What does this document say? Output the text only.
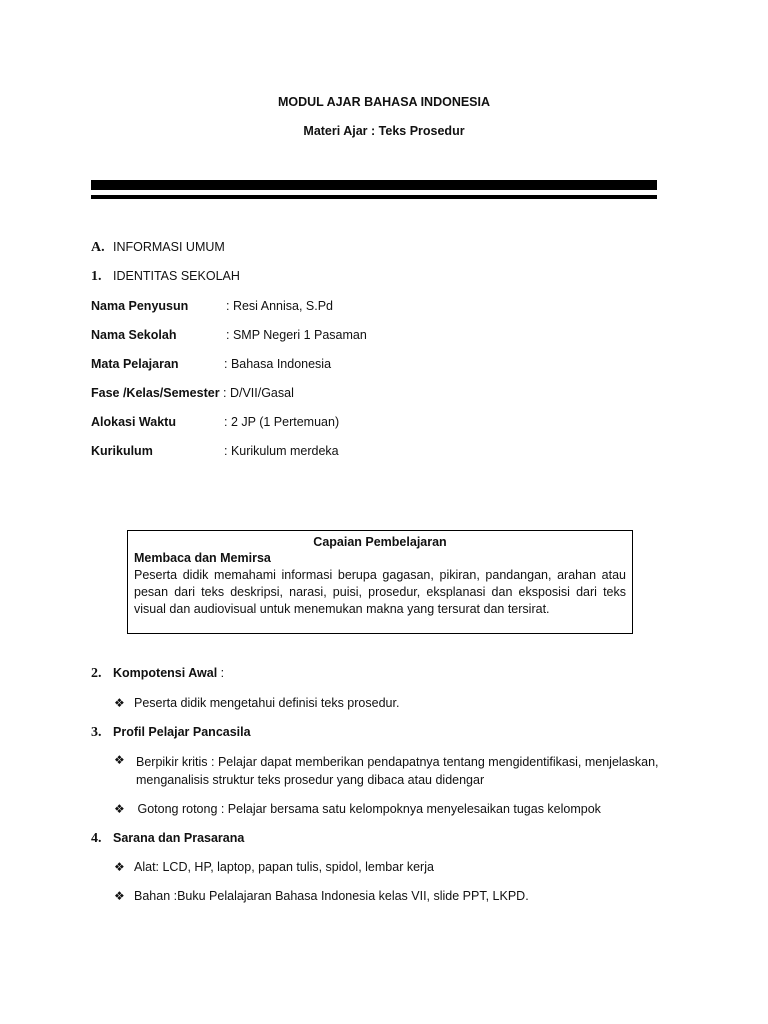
MODUL AJAR BAHASA INDONESIA
Materi Ajar : Teks Prosedur
A. INFORMASI UMUM
1. IDENTITAS SEKOLAH
Nama Penyusun	: Resi Annisa, S.Pd
Nama Sekolah	: SMP Negeri 1 Pasaman
Mata Pelajaran	: Bahasa Indonesia
Fase /Kelas/Semester : D/VII/Gasal
Alokasi Waktu	: 2 JP (1 Pertemuan)
Kurikulum	: Kurikulum merdeka
Capaian Pembelajaran
Membaca dan Memirsa
Peserta didik memahami informasi berupa gagasan, pikiran, pandangan, arahan atau pesan dari teks deskripsi, narasi, puisi, prosedur, eksplanasi dan eksposisi dari teks visual dan audiovisual untuk menemukan makna yang tersurat dan tersirat.
2. Kompotensi Awal :
❖ Peserta didik mengetahui definisi teks prosedur.
3. Profil Pelajar Pancasila
❖ Berpikir kritis : Pelajar dapat memberikan pendapatnya tentang mengidentifikasi, menjelaskan, menganalisis struktur teks prosedur yang dibaca atau didengar
❖ Gotong rotong : Pelajar bersama satu kelompoknya menyelesaikan tugas kelompok
4. Sarana dan Prasarana
❖ Alat: LCD, HP, laptop, papan tulis, spidol, lembar kerja
❖ Bahan :Buku Pelalajaran Bahasa Indonesia kelas VII, slide PPT, LKPD.
